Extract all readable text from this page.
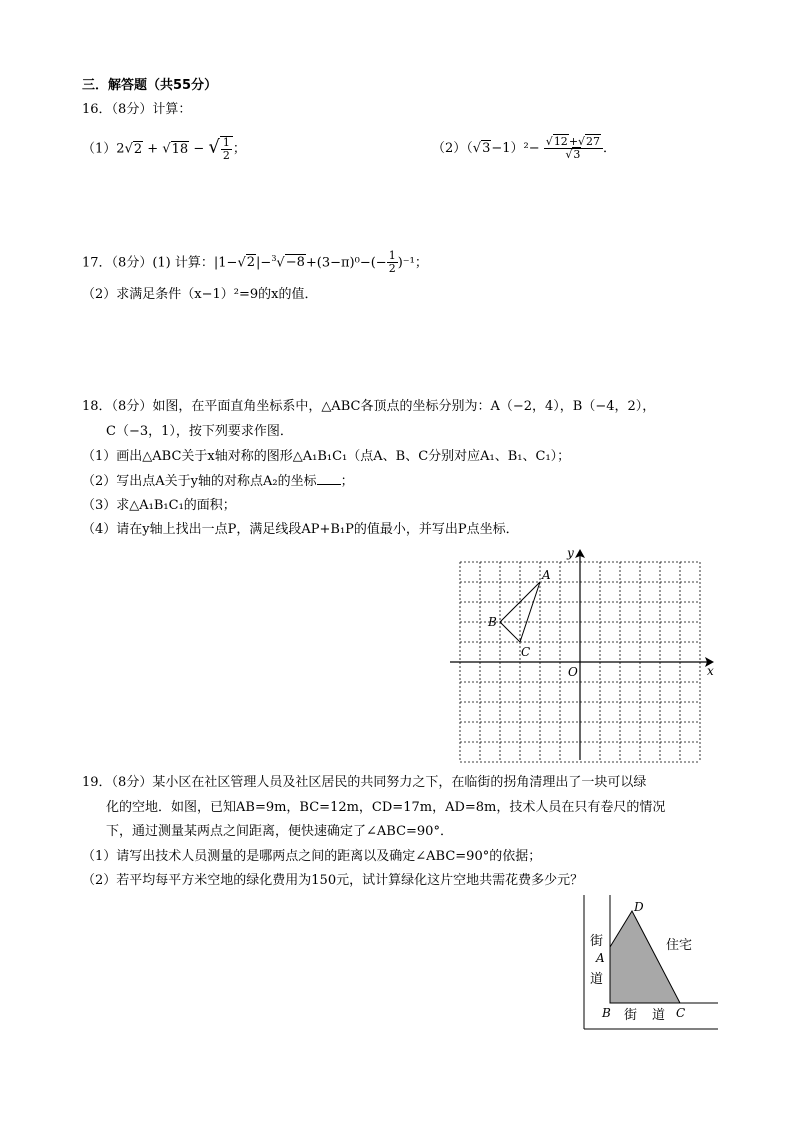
三．解答题（共55分）
16．（8分）计算：
（1）2√2 + √18 − √ $\frac{1}{2}$ ；	$(2)(√3-1)^2- \frac{√12+√27}{√3}$ ．
17．（8分）(1) 计算：$|1-√2|-^3√-8+(3-\pi)^0-(- \frac{1}{2} )^{-1}$；
（2）求满足条件（x−1）²=9的x的值．
18．（8分）如图，在平面直角坐标系中，△ABC各顶点的坐标分别为：A（−2，4），B（−4，2），
C（−3，1），按下列要求作图．
（1）画出△ABC关于x轴对称的图形△A₁B₁C₁（点A、B、C分别对应A₁、B₁、C₁）；
（2）写出点A关于y轴的对称点A₂的坐标 ；
（3）求△A₁B₁C₁的面积；
（4）请在y轴上找出一点P，满足线段AP+B₁P的值最小，并写出P点坐标．
x
y
O
A
B
C
19．（8分）某小区在社区管理人员及社区居民的共同努力之下，在临街的拐角清理出了一块可以绿
化的空地．如图，已知AB=9m，BC=12m，CD=17m，AD=8m，技术人员在只有卷尺的情况
下，通过测量某两点之间距离，便快速确定了∠ABC=90°．
（1）请写出技术人员测量的是哪两点之间的距离以及确定∠ABC=90°的依据；
（2）若平均每平方米空地的绿化费用为150元，试计算绿化这片空地共需花费多少元？
D
A
B	C
街
道
街 道
住宅
